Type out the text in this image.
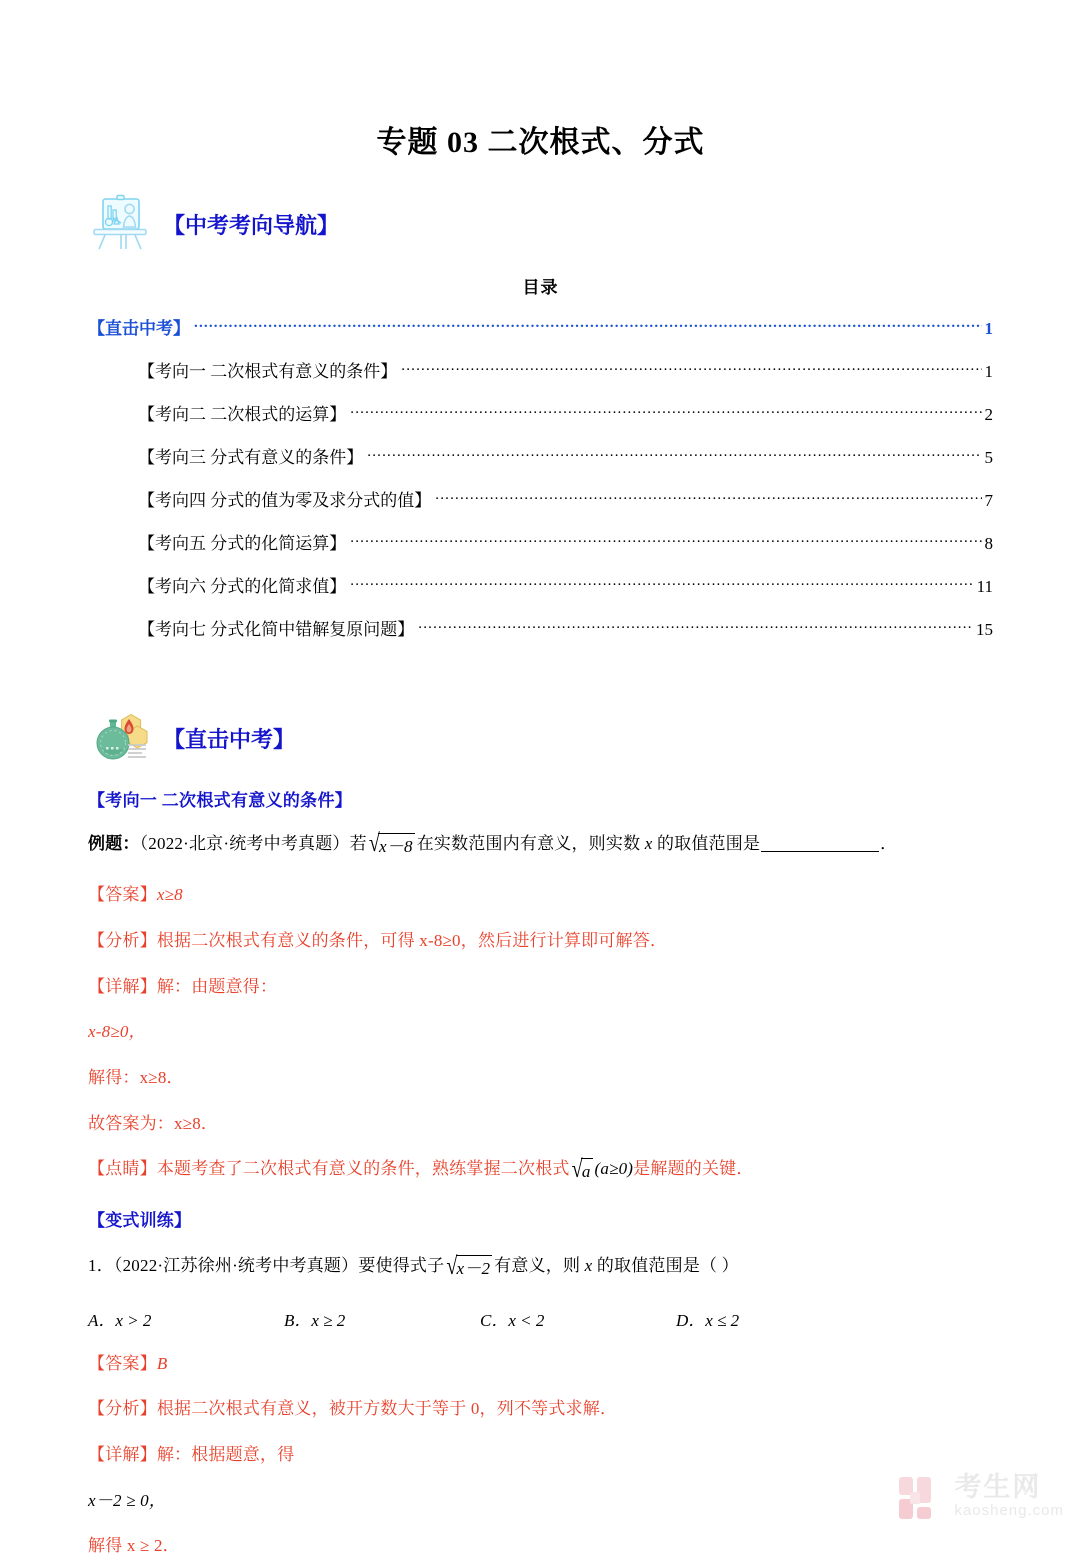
专题 03 二次根式、分式
【中考考向导航】
目录
【直击中考】 .....	1
【考向一 二次根式有意义的条件】 .....	1
【考向二 二次根式的运算】 .....	2
【考向三 分式有意义的条件】 .....	5
【考向四 分式的值为零及求分式的值】 .....	7
【考向五 分式的化简运算】 .....	8
【考向六 分式的化简求值】 .....	11
【考向七 分式化简中错解复原问题】 .....	15
【直击中考】
【考向一 二次根式有意义的条件】
例题：（2022·北京·统考中考真题）若 √x－8 在实数范围内有意义，则实数 x 的取值范围是	．
【答案】x≥8
【分析】根据二次根式有意义的条件，可得 x-8≥0，然后进行计算即可解答．
【详解】解：由题意得：
x-8≥0，
解得：x≥8．
故答案为：x≥8．
【点睛】本题考查了二次根式有意义的条件，熟练掌握二次根式 √a (a≥0)是解题的关键．
【变式训练】
1．（2022·江苏徐州·统考中考真题）要使得式子 √x－2 有意义，则 x 的取值范围是（ ）
A．x > 2	B．x ≥ 2	C．x < 2	D．x ≤ 2
【答案】B
【分析】根据二次根式有意义，被开方数大于等于 0，列不等式求解．
【详解】解：根据题意，得
x－2 ≥ 0，
解得 x ≥ 2．
考生网
kaosheng.com
